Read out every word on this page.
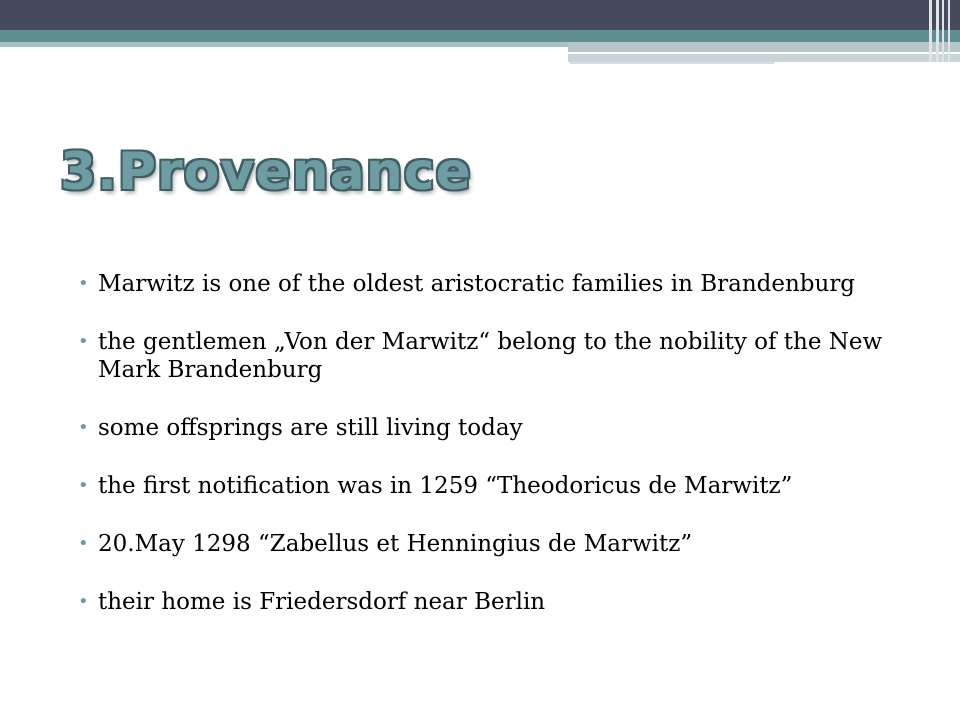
3.Provenance
• Marwitz is one of the oldest aristocratic families in Brandenburg
• the gentlemen „Von der Marwitz“ belong to the nobility of the New Mark Brandenburg
• some offsprings are still living today
• the first notification was in 1259 “Theodoricus de Marwitz”
• 20.May 1298 “Zabellus et Henningius de Marwitz”
• their home is Friedersdorf near Berlin
